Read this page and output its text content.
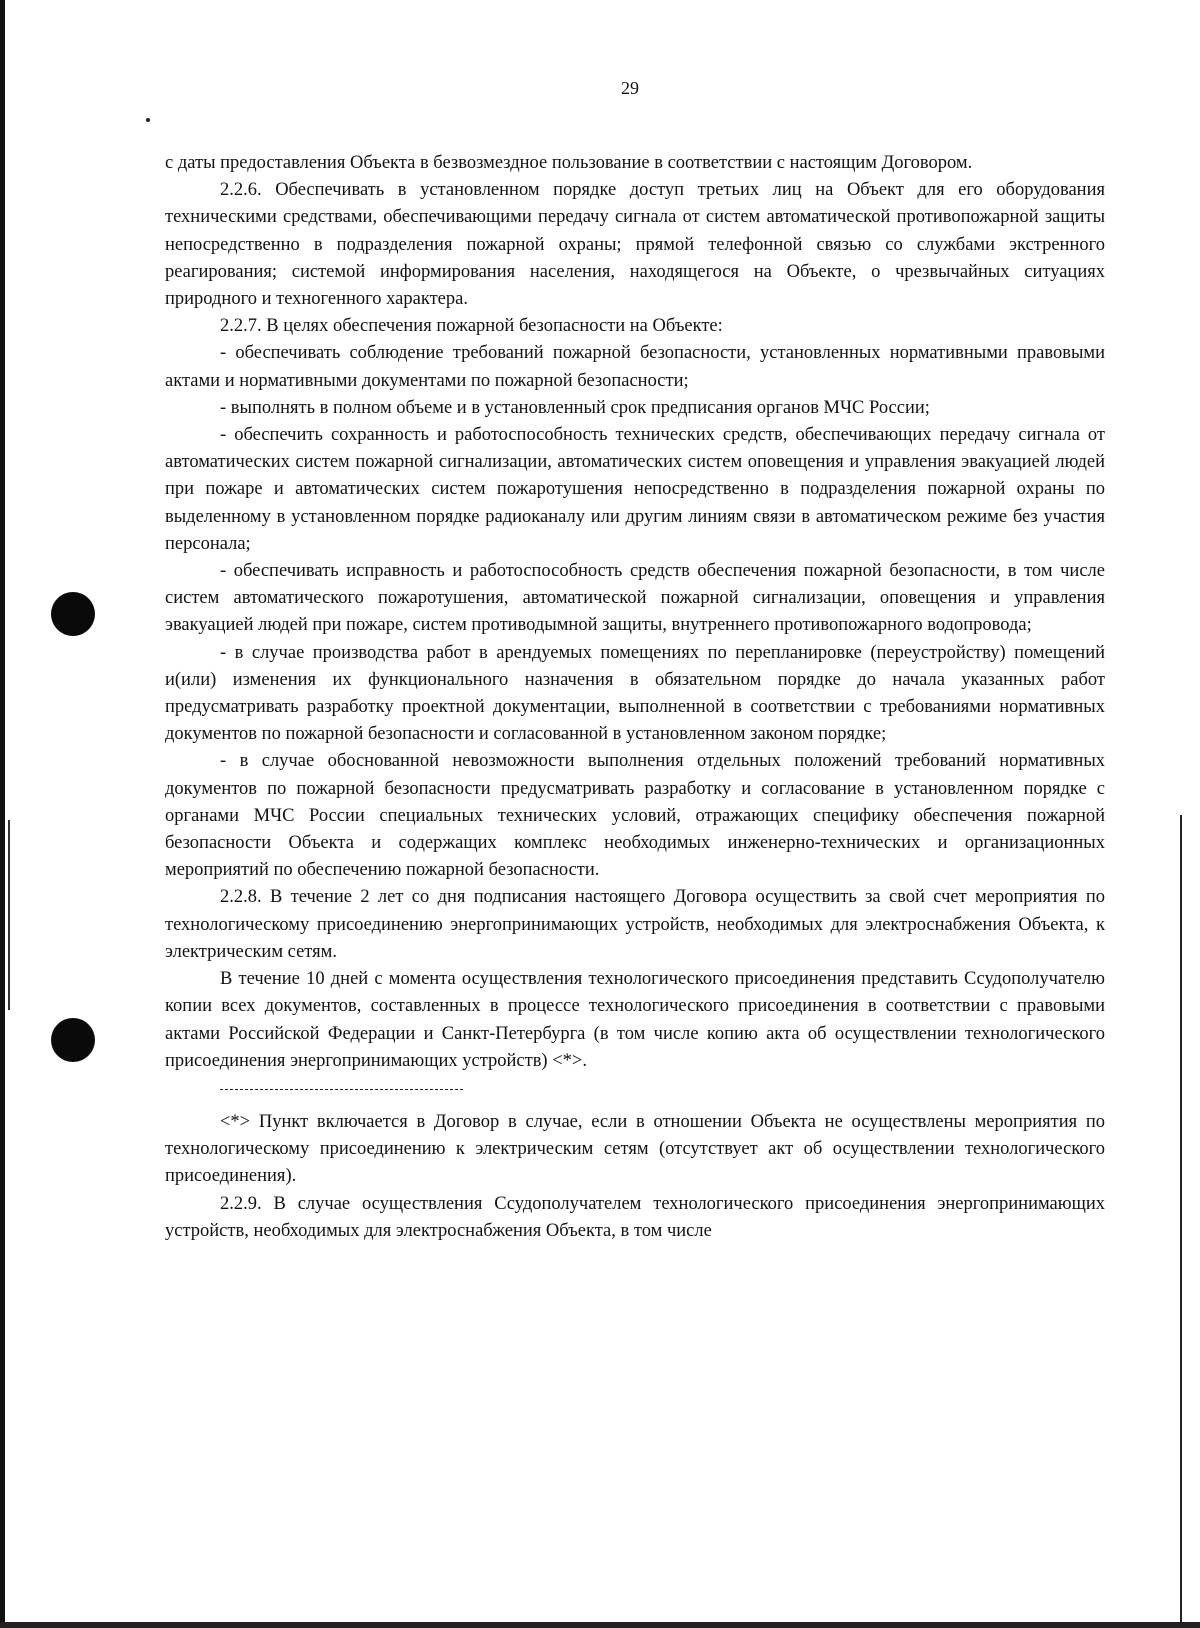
29

с даты предоставления Объекта в безвозмездное пользование в соответствии с настоящим Договором.

2.2.6. Обеспечивать в установленном порядке доступ третьих лиц на Объект для его оборудования техническими средствами, обеспечивающими передачу сигнала от систем автоматической противопожарной защиты непосредственно в подразделения пожарной охраны; прямой телефонной связью со службами экстренного реагирования; системой информирования населения, находящегося на Объекте, о чрезвычайных ситуациях природного и техногенного характера.

2.2.7. В целях обеспечения пожарной безопасности на Объекте:

- обеспечивать соблюдение требований пожарной безопасности, установленных нормативными правовыми актами и нормативными документами по пожарной безопасности;

- выполнять в полном объеме и в установленный срок предписания органов МЧС России;

- обеспечить сохранность и работоспособность технических средств, обеспечивающих передачу сигнала от автоматических систем пожарной сигнализации, автоматических систем оповещения и управления эвакуацией людей при пожаре и автоматических систем пожаротушения непосредственно в подразделения пожарной охраны по выделенному в установленном порядке радиоканалу или другим линиям связи в автоматическом режиме без участия персонала;

- обеспечивать исправность и работоспособность средств обеспечения пожарной безопасности, в том числе систем автоматического пожаротушения, автоматической пожарной сигнализации, оповещения и управления эвакуацией людей при пожаре, систем противодымной защиты, внутреннего противопожарного водопровода;

- в случае производства работ в арендуемых помещениях по перепланировке (переустройству) помещений и(или) изменения их функционального назначения в обязательном порядке до начала указанных работ предусматривать разработку проектной документации, выполненной в соответствии с требованиями нормативных документов по пожарной безопасности и согласованной в установленном законом порядке;

- в случае обоснованной невозможности выполнения отдельных положений требований нормативных документов по пожарной безопасности предусматривать разработку и согласование в установленном порядке с органами МЧС России специальных технических условий, отражающих специфику обеспечения пожарной безопасности Объекта и содержащих комплекс необходимых инженерно-технических и организационных мероприятий по обеспечению пожарной безопасности.

2.2.8. В течение 2 лет со дня подписания настоящего Договора осуществить за свой счет мероприятия по технологическому присоединению энергопринимающих устройств, необходимых для электроснабжения Объекта, к электрическим сетям.

В течение 10 дней с момента осуществления технологического присоединения представить Ссудополучателю копии всех документов, составленных в процессе технологического присоединения в соответствии с правовыми актами Российской Федерации и Санкт-Петербурга (в том числе копию акта об осуществлении технологического присоединения энергопринимающих устройств) <*>.

<*> Пункт включается в Договор в случае, если в отношении Объекта не осуществлены мероприятия по технологическому присоединению к электрическим сетям (отсутствует акт об осуществлении технологического присоединения).

2.2.9. В случае осуществления Ссудополучателем технологического присоединения энергопринимающих устройств, необходимых для электроснабжения Объекта, в том числе
